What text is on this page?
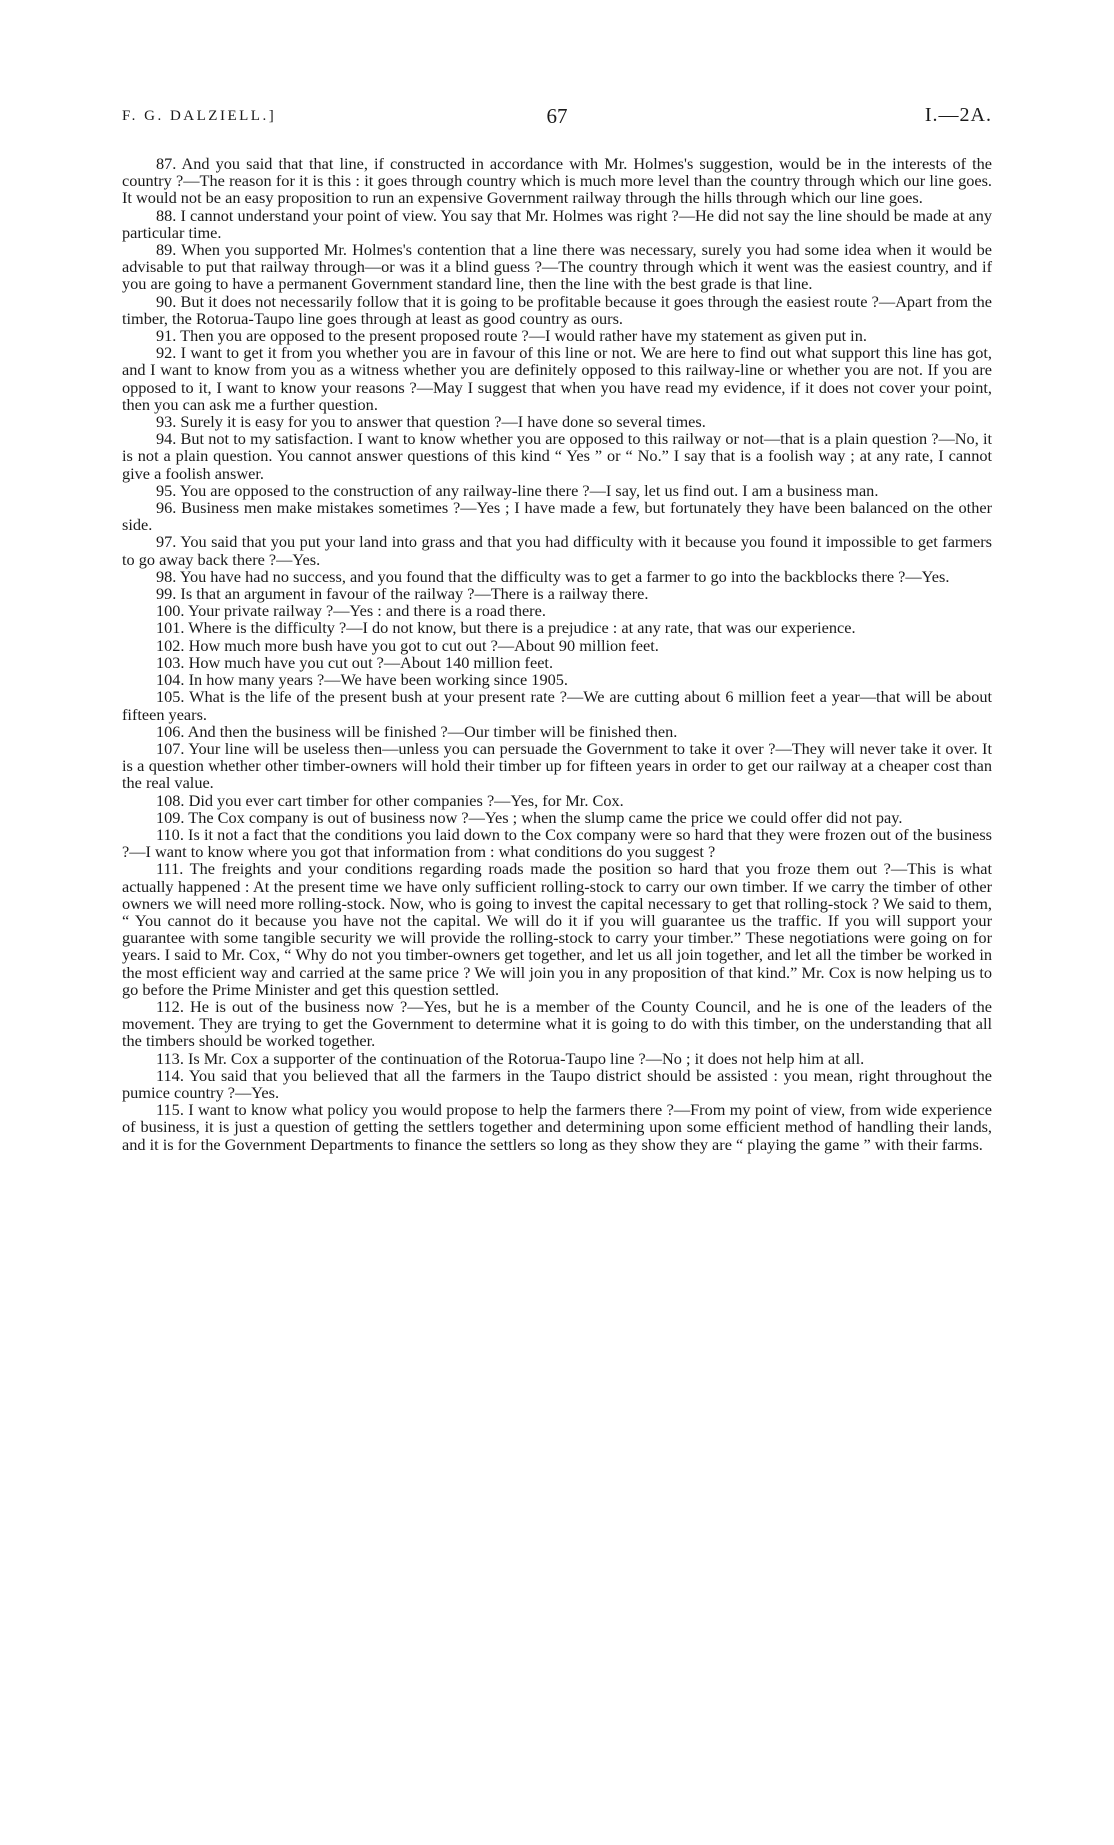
F. G. DALZIELL.]	67	I.—2A.

87. And you said that that line, if constructed in accordance with Mr. Holmes's suggestion, would be in the interests of the country ?—The reason for it is this : it goes through country which is much more level than the country through which our line goes. It would not be an easy proposition to run an expensive Government railway through the hills through which our line goes.

88. I cannot understand your point of view. You say that Mr. Holmes was right ?—He did not say the line should be made at any particular time.

89. When you supported Mr. Holmes's contention that a line there was necessary, surely you had some idea when it would be advisable to put that railway through—or was it a blind guess ?—The country through which it went was the easiest country, and if you are going to have a permanent Government standard line, then the line with the best grade is that line.

90. But it does not necessarily follow that it is going to be profitable because it goes through the easiest route ?—Apart from the timber, the Rotorua-Taupo line goes through at least as good country as ours.

91. Then you are opposed to the present proposed route ?—I would rather have my statement as given put in.

92. I want to get it from you whether you are in favour of this line or not. We are here to find out what support this line has got, and I want to know from you as a witness whether you are definitely opposed to this railway-line or whether you are not. If you are opposed to it, I want to know your reasons ?—May I suggest that when you have read my evidence, if it does not cover your point, then you can ask me a further question.

93. Surely it is easy for you to answer that question ?—I have done so several times.

94. But not to my satisfaction. I want to know whether you are opposed to this railway or not—that is a plain question ?—No, it is not a plain question. You cannot answer questions of this kind “ Yes ” or “ No.” I say that is a foolish way ; at any rate, I cannot give a foolish answer.

95. You are opposed to the construction of any railway-line there ?—I say, let us find out. I am a business man.

96. Business men make mistakes sometimes ?—Yes ; I have made a few, but fortunately they have been balanced on the other side.

97. You said that you put your land into grass and that you had difficulty with it because you found it impossible to get farmers to go away back there ?—Yes.

98. You have had no success, and you found that the difficulty was to get a farmer to go into the backblocks there ?—Yes.

99. Is that an argument in favour of the railway ?—There is a railway there.

100. Your private railway ?—Yes : and there is a road there.

101. Where is the difficulty ?—I do not know, but there is a prejudice : at any rate, that was our experience.

102. How much more bush have you got to cut out ?—About 90 million feet.

103. How much have you cut out ?—About 140 million feet.

104. In how many years ?—We have been working since 1905.

105. What is the life of the present bush at your present rate ?—We are cutting about 6 million feet a year—that will be about fifteen years.

106. And then the business will be finished ?—Our timber will be finished then.

107. Your line will be useless then—unless you can persuade the Government to take it over ?—They will never take it over. It is a question whether other timber-owners will hold their timber up for fifteen years in order to get our railway at a cheaper cost than the real value.

108. Did you ever cart timber for other companies ?—Yes, for Mr. Cox.

109. The Cox company is out of business now ?—Yes ; when the slump came the price we could offer did not pay.

110. Is it not a fact that the conditions you laid down to the Cox company were so hard that they were frozen out of the business ?—I want to know where you got that information from : what conditions do you suggest ?

111. The freights and your conditions regarding roads made the position so hard that you froze them out ?—This is what actually happened : At the present time we have only sufficient rolling-stock to carry our own timber. If we carry the timber of other owners we will need more rolling-stock. Now, who is going to invest the capital necessary to get that rolling-stock ? We said to them, “ You cannot do it because you have not the capital. We will do it if you will guarantee us the traffic. If you will support your guarantee with some tangible security we will provide the rolling-stock to carry your timber.” These negotiations were going on for years. I said to Mr. Cox, “ Why do not you timber-owners get together, and let us all join together, and let all the timber be worked in the most efficient way and carried at the same price ? We will join you in any proposition of that kind.” Mr. Cox is now helping us to go before the Prime Minister and get this question settled.

112. He is out of the business now ?—Yes, but he is a member of the County Council, and he is one of the leaders of the movement. They are trying to get the Government to determine what it is going to do with this timber, on the understanding that all the timbers should be worked together.

113. Is Mr. Cox a supporter of the continuation of the Rotorua-Taupo line ?—No ; it does not help him at all.

114. You said that you believed that all the farmers in the Taupo district should be assisted : you mean, right throughout the pumice country ?—Yes.

115. I want to know what policy you would propose to help the farmers there ?—From my point of view, from wide experience of business, it is just a question of getting the settlers together and determining upon some efficient method of handling their lands, and it is for the Government Departments to finance the settlers so long as they show they are “ playing the game ” with their farms.
